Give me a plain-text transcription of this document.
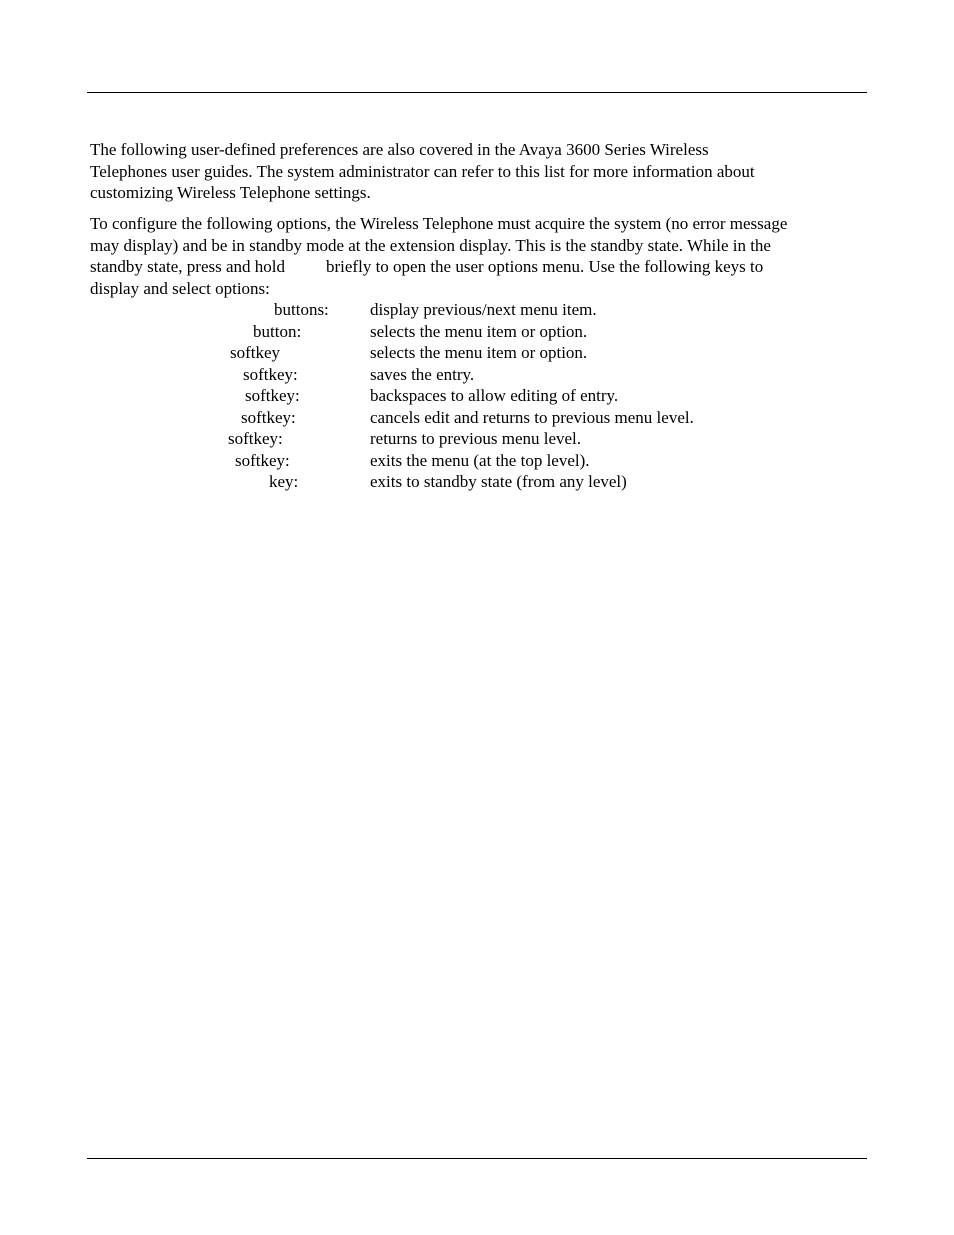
The following user-defined preferences are also covered in the Avaya 3600 Series Wireless
Telephones user guides. The system administrator can refer to this list for more information about
customizing Wireless Telephone settings.

To configure the following options, the Wireless Telephone must acquire the system (no error message
may display) and be in standby mode at the extension display. This is the standby state. While in the
standby state, press and hold briefly to open the user options menu. Use the following keys to
display and select options:

buttons: display previous/next menu item.
button:	selects the menu item or option.
softkey	selects the menu item or option.
softkey:	saves the entry.
softkey:	backspaces to allow editing of entry.
softkey:	cancels edit and returns to previous menu level.
softkey:	returns to previous menu level.
softkey:	exits the menu (at the top level).
key:	exits to standby state (from any level)
